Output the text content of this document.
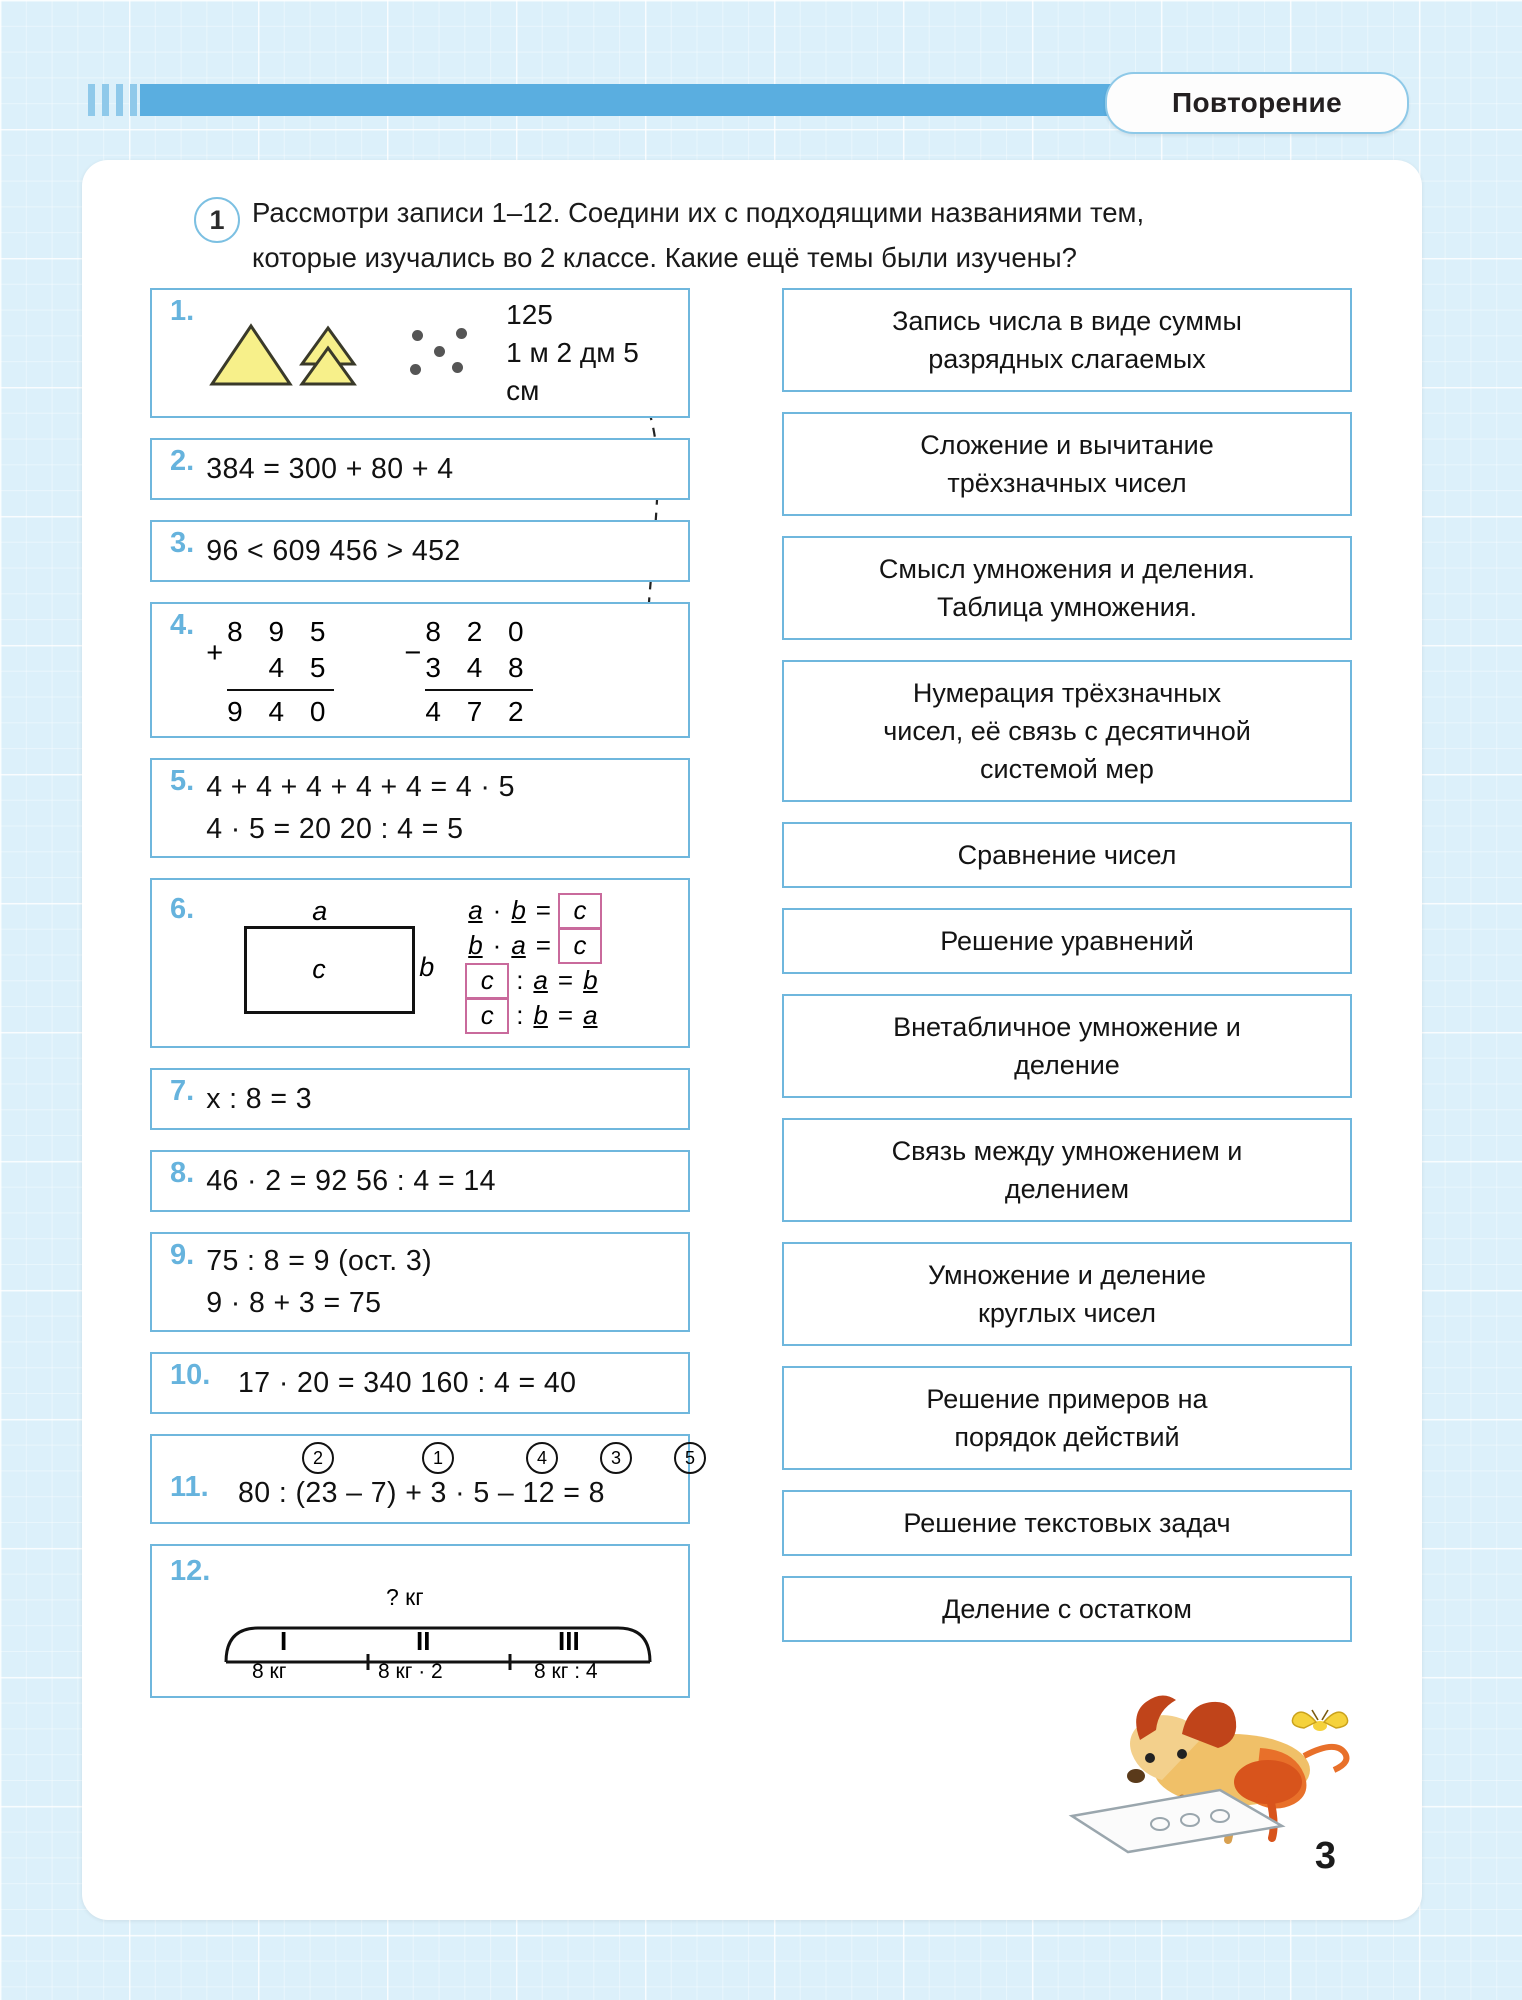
Повторение
1 Рассмотри записи 1–12. Соедини их с подходящими названиями тем,
которые изучались во 2 классе. Какие ещё темы были изучены?
1.	125
1 м 2 дм 5 см
2. 384 = 300 + 80 + 4
3. 96 < 609 456 > 452
4.
+
8 9 5
4 5
9 4 0
−
8 2 0
3 4 8
4 7 2
5. 4 + 4 + 4 + 4 + 4 = 4 · 5
4 · 5 = 20 20 : 4 = 5
6.	a
b
c
a · b = c
b · a = c
c : a = b
c : b = a
7. x : 8 = 3
8. 46 · 2 = 92 56 : 4 = 14
9. 75 : 8 = 9 (ост. 3)
9 · 8 + 3 = 75
10. 17 · 20 = 340 160 : 4 = 40
2	1	4	3	5
11.	80 : (23 – 7) + 3 · 5 – 12 = 8
12.
? кг
I
8 кг
II
8 кг · 2
III
8 кг : 4
Запись числа в виде суммы
разрядных слагаемых
Сложение и вычитание
трёхзначных чисел
Смысл умножения и деления.
Таблица умножения.
Нумерация трёхзначных
чисел, её связь с десятичной
системой мер
Сравнение чисел
Решение уравнений
Внетабличное умножение и
деление
Связь между умножением и
делением
Умножение и деление
круглых чисел
Решение примеров на
порядок действий
Решение текстовых задач
Деление с остатком
3
